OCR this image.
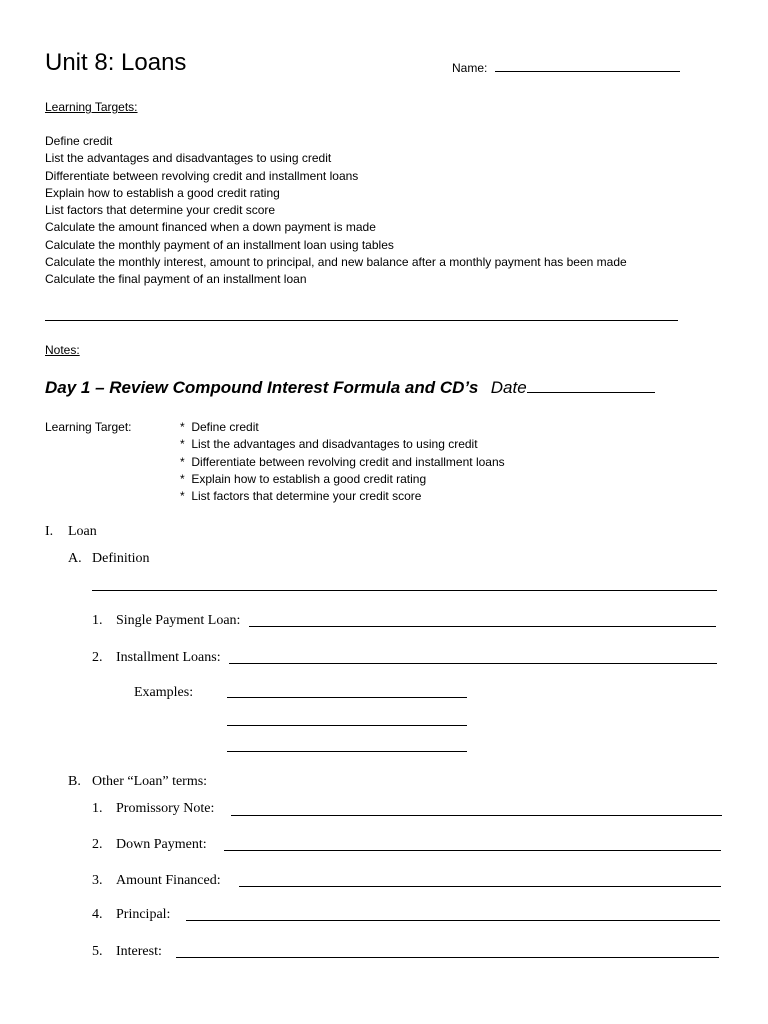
Unit 8: Loans	Name:
Learning Targets:
Define credit
List the advantages and disadvantages to using credit
Differentiate between revolving credit and installment loans
Explain how to establish a good credit rating
List factors that determine your credit score
Calculate the amount financed when a down payment is made
Calculate the monthly payment of an installment loan using tables
Calculate the monthly interest, amount to principal, and new balance after a monthly payment has been made
Calculate the final payment of an installment loan
Notes:
Day 1 – Review Compound Interest Formula and CD’s Date
Learning Target:	* Define credit
* List the advantages and disadvantages to using credit
* Differentiate between revolving credit and installment loans
* Explain how to establish a good credit rating
* List factors that determine your credit score
I. Loan
A. Definition
1. Single Payment Loan:
2. Installment Loans:
Examples:
B. Other “Loan” terms:
1. Promissory Note:
2. Down Payment:
3. Amount Financed:
4. Principal:
5. Interest:
